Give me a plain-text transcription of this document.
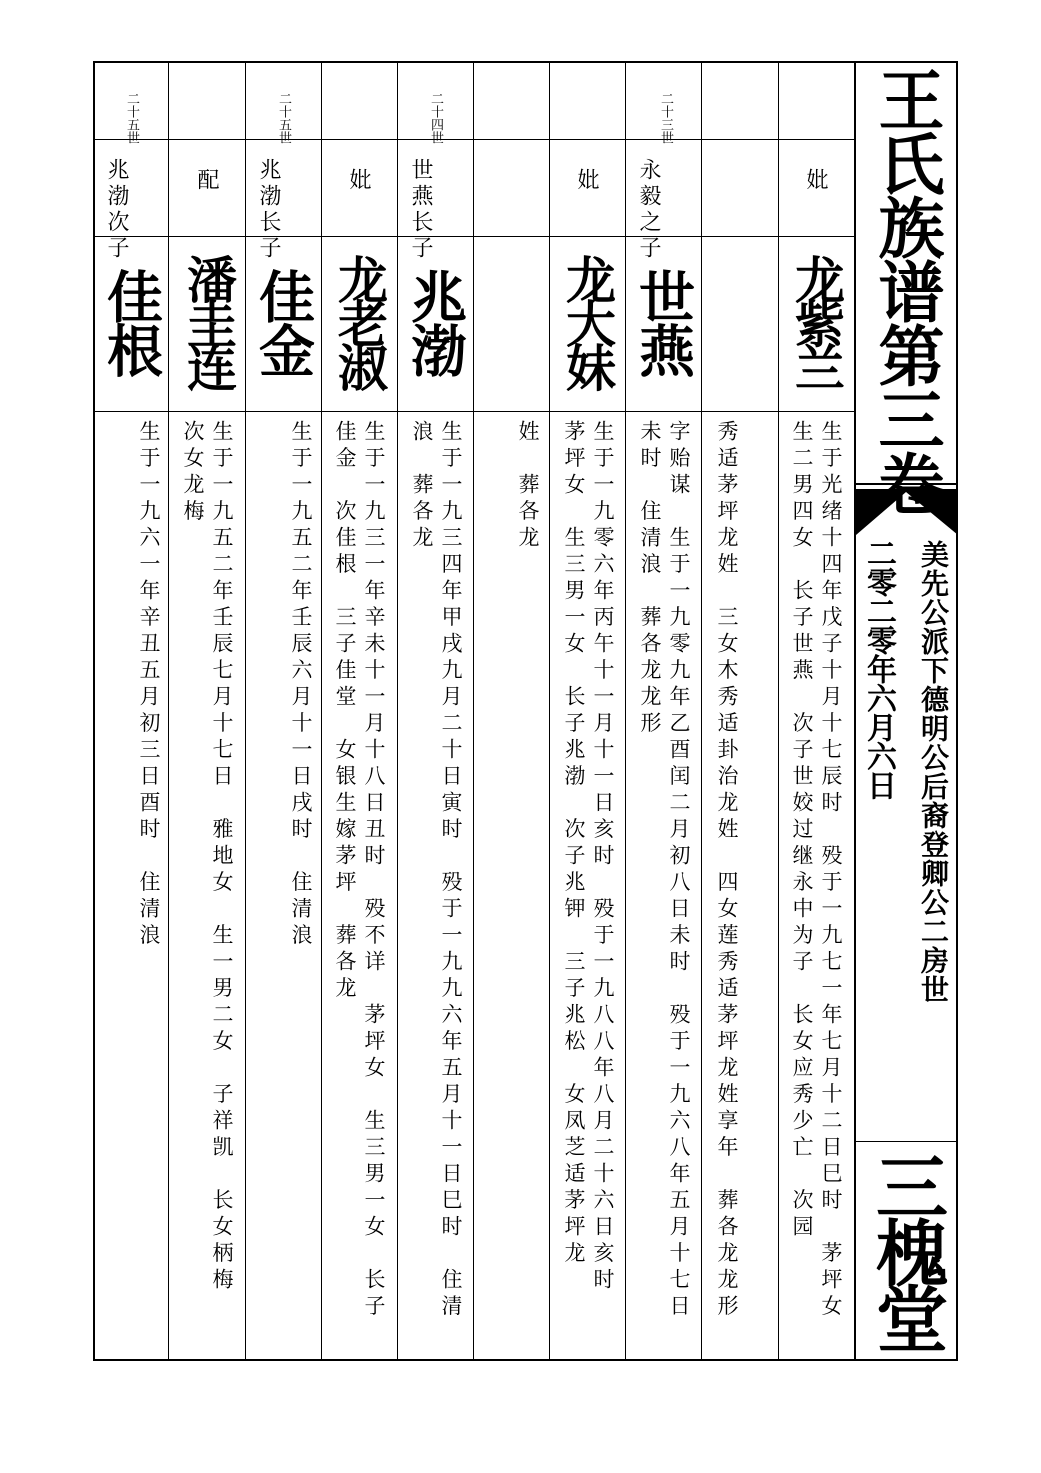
王氏族谱第三卷
美先公派下德明公后裔登卿公二房世
二零二零年六月六日
三槐堂
妣
龙紫兰
生于光绪十四年戊子十月十七辰时　殁于一九七一年七月十二日巳时　茅坪女　生二男四女　长子世燕　次子世姣过继永中为子　长女应秀少亡　次园
秀适茅坪龙姓　三女木秀适卦治龙姓　四女莲秀适茅坪龙姓享年　葬各龙龙形
二十三世
永毅之子
世燕
字贻谋　生于一九零九年乙酉闰二月初八日未时　殁于一九六八年五月十七日未时　住清浪　葬各龙龙形
妣
龙大妹
生于一九零六年丙午十一月十一日亥时　殁于一九八八年八月二十六日亥时　茅坪女　生三男一女　长子兆渤　次子兆钾　三子兆松　女凤芝适茅坪龙
姓　葬各龙
二十四世
世燕长子
兆渤
生于一九三四年甲戌九月二十日寅时　殁于一九九六年五月十一日巳时　住清浪　葬各龙
妣
龙老淑
生于一九三一年辛未十一月十八日丑时　殁不详　茅坪女　生三男一女　长子佳金　次佳根　三子佳堂　女银生嫁茅坪　葬各龙
二十五世
兆渤长子
佳金
生于一九五二年壬辰六月十一日戌时　住清浪
配
潘圭连
生于一九五二年壬辰七月十七日　雅地女　生一男二女　子祥凯　长女柄梅　次女龙梅
二十五世
兆渤次子
佳根
生于一九六一年辛丑五月初三日酉时　住清浪
